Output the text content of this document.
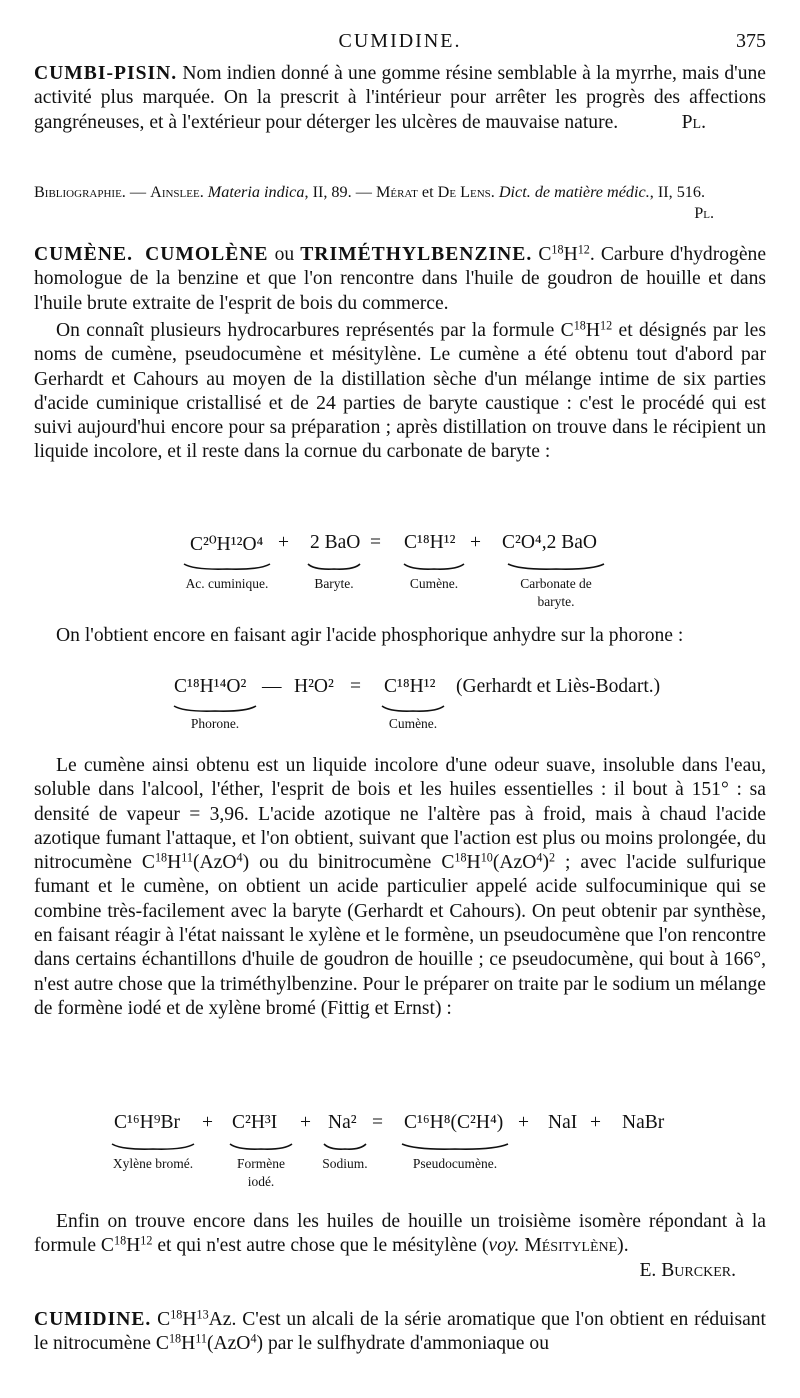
CUMIDINE.	375

CUMBI-PISIN. Nom indien donné à une gomme résine semblable à la myrrhe, mais d'une activité plus marquée. On la prescrit à l'intérieur pour arrêter les progrès des affections gangréneuses, et à l'extérieur pour déterger les ulcères de mauvaise nature.	Pl.

Bibliographie. — Ainslee. Materia indica, II, 89. — Mérat et De Lens. Dict. de matière médic., II, 516.
Pl.

CUMÈNE. CUMOLÈNE ou TRIMÉTHYLBENZINE. $C^{18}H^{12}$. Carbure d'hydrogène homologue de la benzine et que l'on rencontre dans l'huile de goudron de houille et dans l'huile brute extraite de l'esprit de bois du commerce.

On connaît plusieurs hydrocarbures représentés par la formule $C^{18}H^{12}$ et désignés par les noms de cumène, pseudocumène et mésitylène. Le cumène a été obtenu tout d'abord par Gerhardt et Cahours au moyen de la distillation sèche d'un mélange intime de six parties d'acide cuminique cristallisé et de 24 parties de baryte caustique : c'est le procédé qui est suivi aujourd'hui encore pour sa préparation ; après distillation on trouve dans le récipient un liquide incolore, et il reste dans la cornue du carbonate de baryte :

C²⁰H¹²O⁴ + 2 BaO = C¹⁸H¹² + C²O⁴,2 BaO
Ac. cuminique.	Baryte.	Cumène.	Carbonate de
baryte.

On l'obtient encore en faisant agir l'acide phosphorique anhydre sur la phorone :

C¹⁸H¹⁴O² — H²O² = C¹⁸H¹² (Gerhardt et Liès-Bodart.)
Phorone.	Cumène.

Le cumène ainsi obtenu est un liquide incolore d'une odeur suave, insoluble dans l'eau, soluble dans l'alcool, l'éther, l'esprit de bois et les huiles essentielles : il bout à 151° : sa densité de vapeur = 3,96. L'acide azotique ne l'altère pas à froid, mais à chaud l'acide azotique fumant l'attaque, et l'on obtient, suivant que l'action est plus ou moins prolongée, du nitrocumène $C^{18}H^{11}(AzO^4)$ ou du binitrocumène $C^{18}H^{10}(AzO^4)^2$ ; avec l'acide sulfurique fumant et le cumène, on obtient un acide particulier appelé acide sulfocuminique qui se combine très-facilement avec la baryte (Gerhardt et Cahours). On peut obtenir par synthèse, en faisant réagir à l'état naissant le xylène et le formène, un pseudocumène que l'on rencontre dans certains échantillons d'huile de goudron de houille ; ce pseudocumène, qui bout à 166°, n'est autre chose que la triméthylbenzine. Pour le préparer on traite par le sodium un mélange de formène iodé et de xylène bromé (Fittig et Ernst) :

C¹⁶H⁹Br + C²H³I + Na² = C¹⁶H⁸(C²H⁴) + NaI + NaBr
Xylène bromé.	Formène
iodé.
Sodium.	Pseudocumène.

Enfin on trouve encore dans les huiles de houille un troisième isomère répondant à la formule $C^{18}H^{12}$ et qui n'est autre chose que le mésitylène (voy. Mésitylène).
E. Burcker.

CUMIDINE. $C^{18}H^{13}Az$. C'est un alcali de la série aromatique que l'on obtient en réduisant le nitrocumène $C^{18}H^{11}(AzO^4)$ par le sulfhydrate d'ammoniaque ou
